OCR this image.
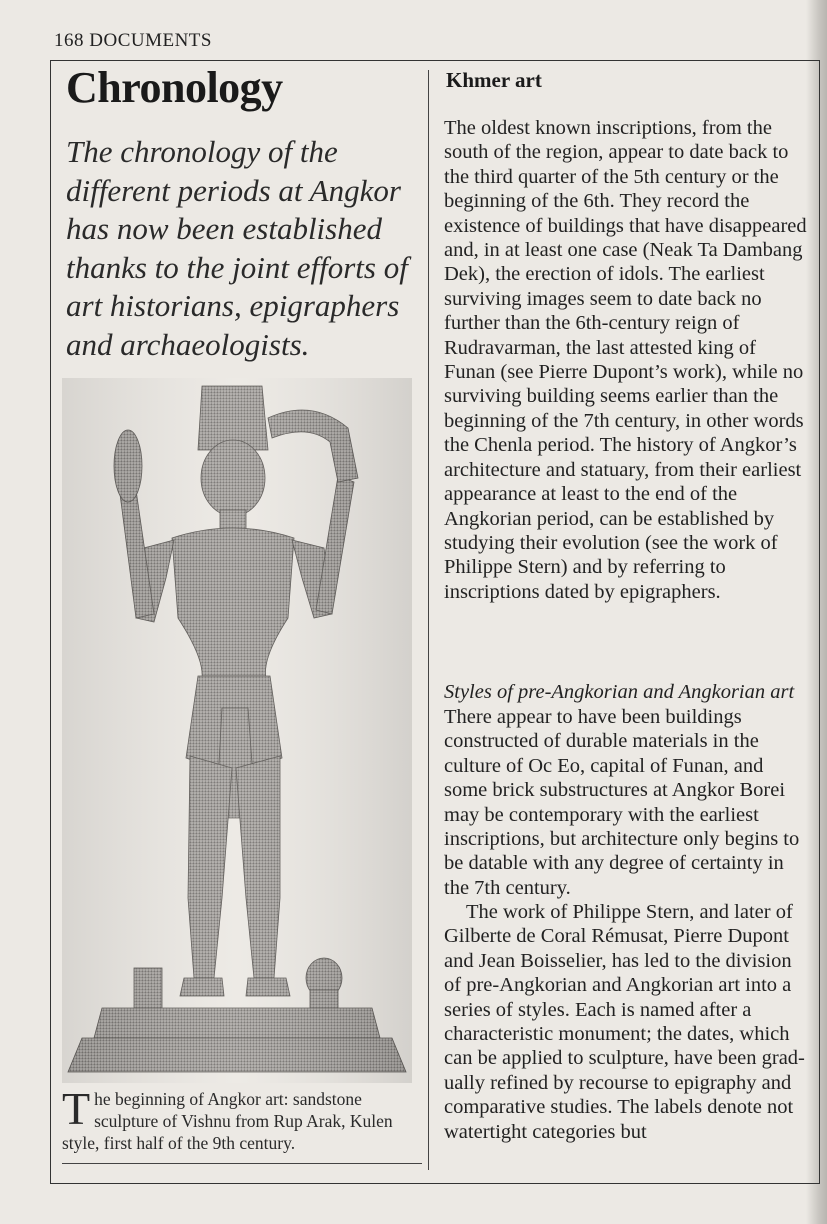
168 DOCUMENTS
Chronology

The chronology of the different periods at Angkor has now been established thanks to the joint efforts of art historians, epigraphers and archaeologists.

The beginning of Angkor art: sandstone sculpture of Vishnu from Rup Arak, Kulen style, first half of the 9th century.

Khmer art

The oldest known inscriptions, from the south of the region, appear to date back to the third quarter of the 5th century or the beginning of the 6th. They record the existence of buildings that have disappeared and, in at least one case (Neak Ta Dambang Dek), the erection of idols. The earliest surviving images seem to date back no further than the 6th-century reign of Rudravarman, the last attested king of Funan (see Pierre Dupont’s work), while no surviving building seems earlier than the beginning of the 7th century, in other words the Chenla period. The history of Angkor’s architecture and statuary, from their earliest appearance at least to the end of the Angkorian period, can be established by studying their evolution (see the work of Philippe Stern) and by referring to inscriptions dated by epigraphers.

Styles of pre-Angkorian and Angkorian art

There appear to have been buildings constructed of durable materials in the culture of Oc Eo, capital of Funan, and some brick substructures at Angkor Borei may be contemporary with the earliest inscriptions, but architecture only begins to be datable with any degree of certainty in the 7th century.

The work of Philippe Stern, and later of Gilberte de Coral Rémusat, Pierre Dupont and Jean Boisselier, has led to the division of pre-Angkorian and Angkorian art into a series of styles. Each is named after a characteristic monument; the dates, which can be applied to sculpture, have been grad-ually refined by recourse to epigraphy and comparative studies. The labels denote not watertight categories but
